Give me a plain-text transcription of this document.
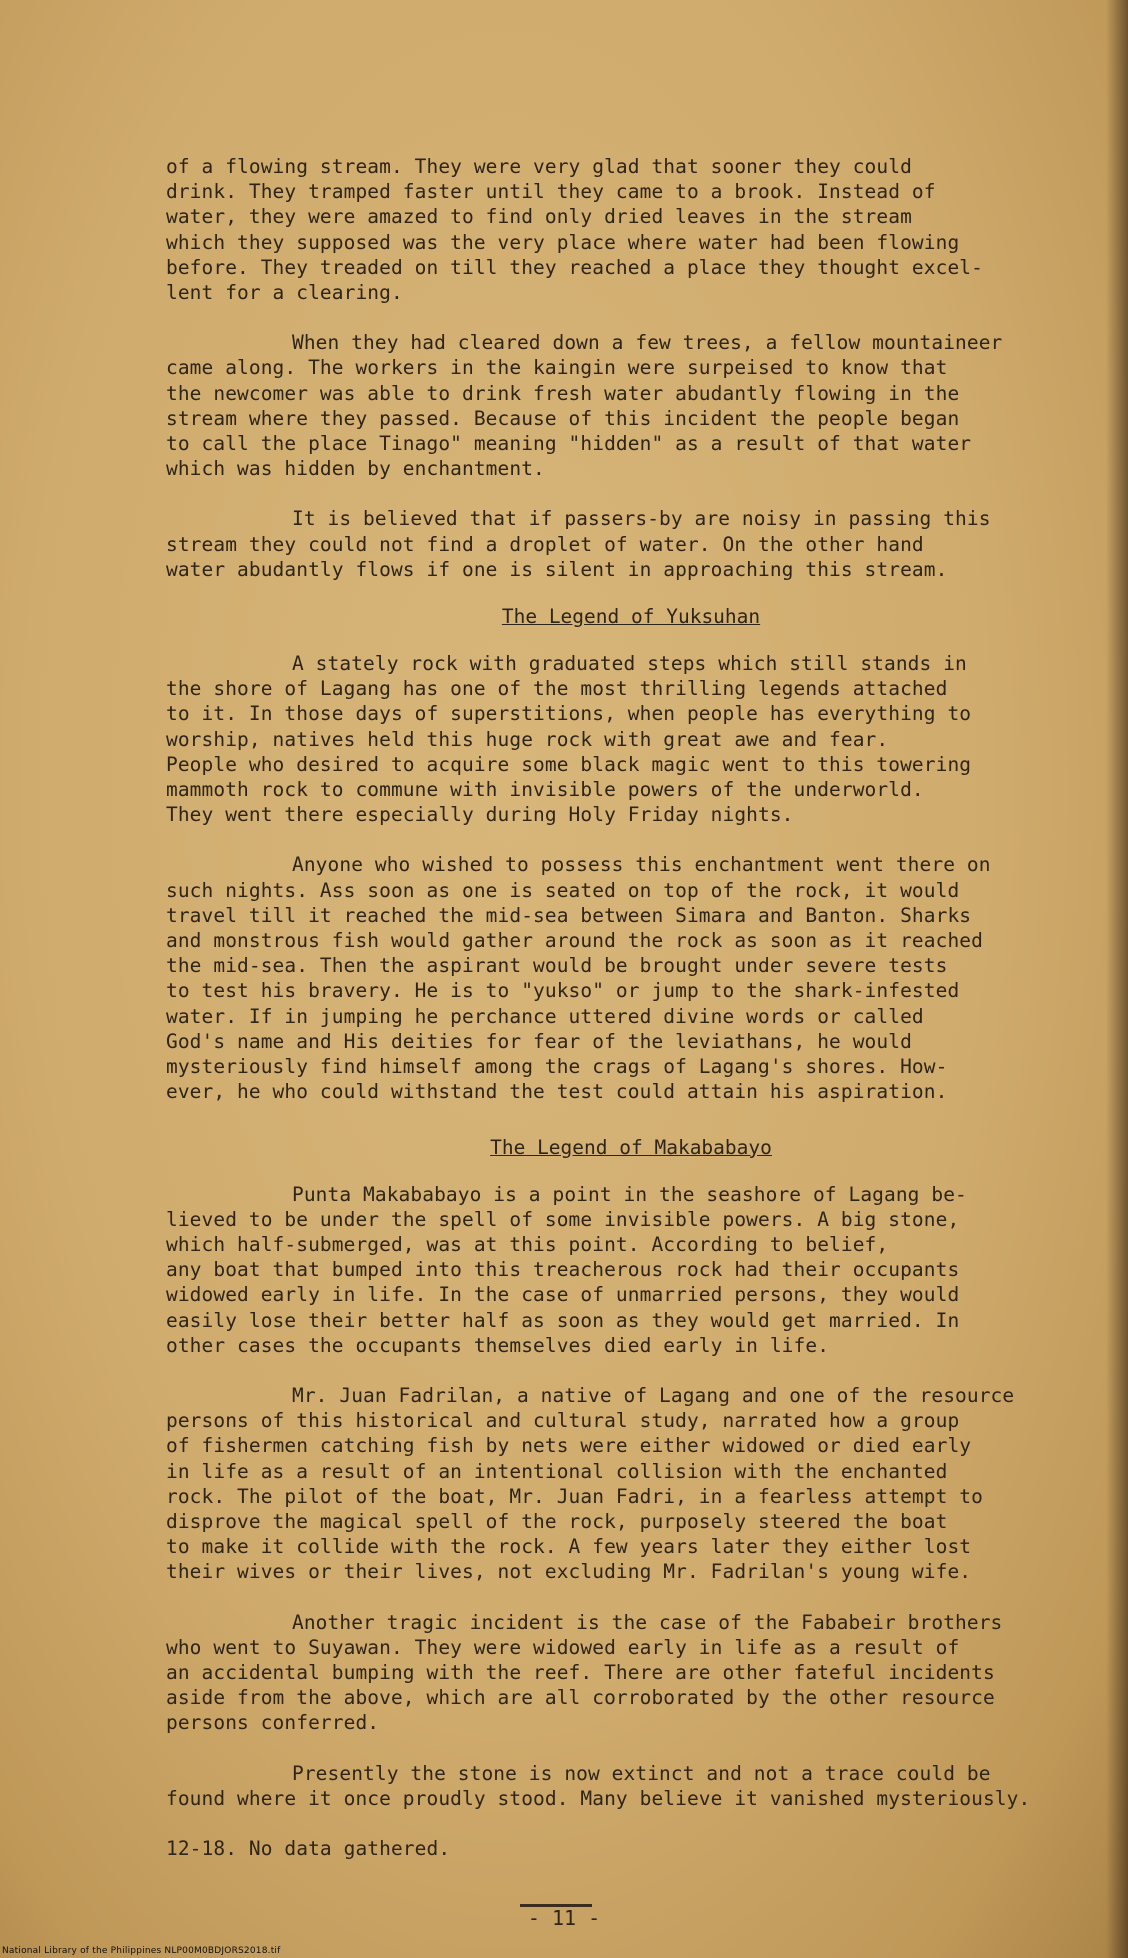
of a flowing stream. They were very glad that sooner they could
drink. They tramped faster until they came to a brook. Instead of
water, they were amazed to find only dried leaves in the stream
which they supposed was the very place where water had been flowing
before. They treaded on till they reached a place they thought excel-
lent for a clearing.

When they had cleared down a few trees, a fellow mountaineer
came along. The workers in the kaingin were surpeised to know that
the newcomer was able to drink fresh water abudantly flowing in the
stream where they passed. Because of this incident the people began
to call the place Tinago" meaning "hidden" as a result of that water
which was hidden by enchantment.

It is believed that if passers-by are noisy in passing this
stream they could not find a droplet of water. On the other hand
water abudantly flows if one is silent in approaching this stream.

The Legend of Yuksuhan

A stately rock with graduated steps which still stands in
the shore of Lagang has one of the most thrilling legends attached
to it. In those days of superstitions, when people has everything to
worship, natives held this huge rock with great awe and fear.
People who desired to acquire some black magic went to this towering
mammoth rock to commune with invisible powers of the underworld.
They went there especially during Holy Friday nights.

Anyone who wished to possess this enchantment went there on
such nights. Ass soon as one is seated on top of the rock, it would
travel till it reached the mid-sea between Simara and Banton. Sharks
and monstrous fish would gather around the rock as soon as it reached
the mid-sea. Then the aspirant would be brought under severe tests
to test his bravery. He is to "yukso" or jump to the shark-infested
water. If in jumping he perchance uttered divine words or called
God's name and His deities for fear of the leviathans, he would
mysteriously find himself among the crags of Lagang's shores. How-
ever, he who could withstand the test could attain his aspiration.

The Legend of Makababayo

Punta Makababayo is a point in the seashore of Lagang be-
lieved to be under the spell of some invisible powers. A big stone,
which half-submerged, was at this point. According to belief,
any boat that bumped into this treacherous rock had their occupants
widowed early in life. In the case of unmarried persons, they would
easily lose their better half as soon as they would get married. In
other cases the occupants themselves died early in life.

Mr. Juan Fadrilan, a native of Lagang and one of the resource
persons of this historical and cultural study, narrated how a group
of fishermen catching fish by nets were either widowed or died early
in life as a result of an intentional collision with the enchanted
rock. The pilot of the boat, Mr. Juan Fadri, in a fearless attempt to
disprove the magical spell of the rock, purposely steered the boat
to make it collide with the rock. A few years later they either lost
their wives or their lives, not excluding Mr. Fadrilan's young wife.

Another tragic incident is the case of the Fababeir brothers
who went to Suyawan. They were widowed early in life as a result of
an accidental bumping with the reef. There are other fateful incidents
aside from the above, which are all corroborated by the other resource
persons conferred.

Presently the stone is now extinct and not a trace could be
found where it once proudly stood. Many believe it vanished mysteriously.

12-18. No data gathered.

- 11 -
National Library of the Philippines NLP00M0BDJORS2018.tif
